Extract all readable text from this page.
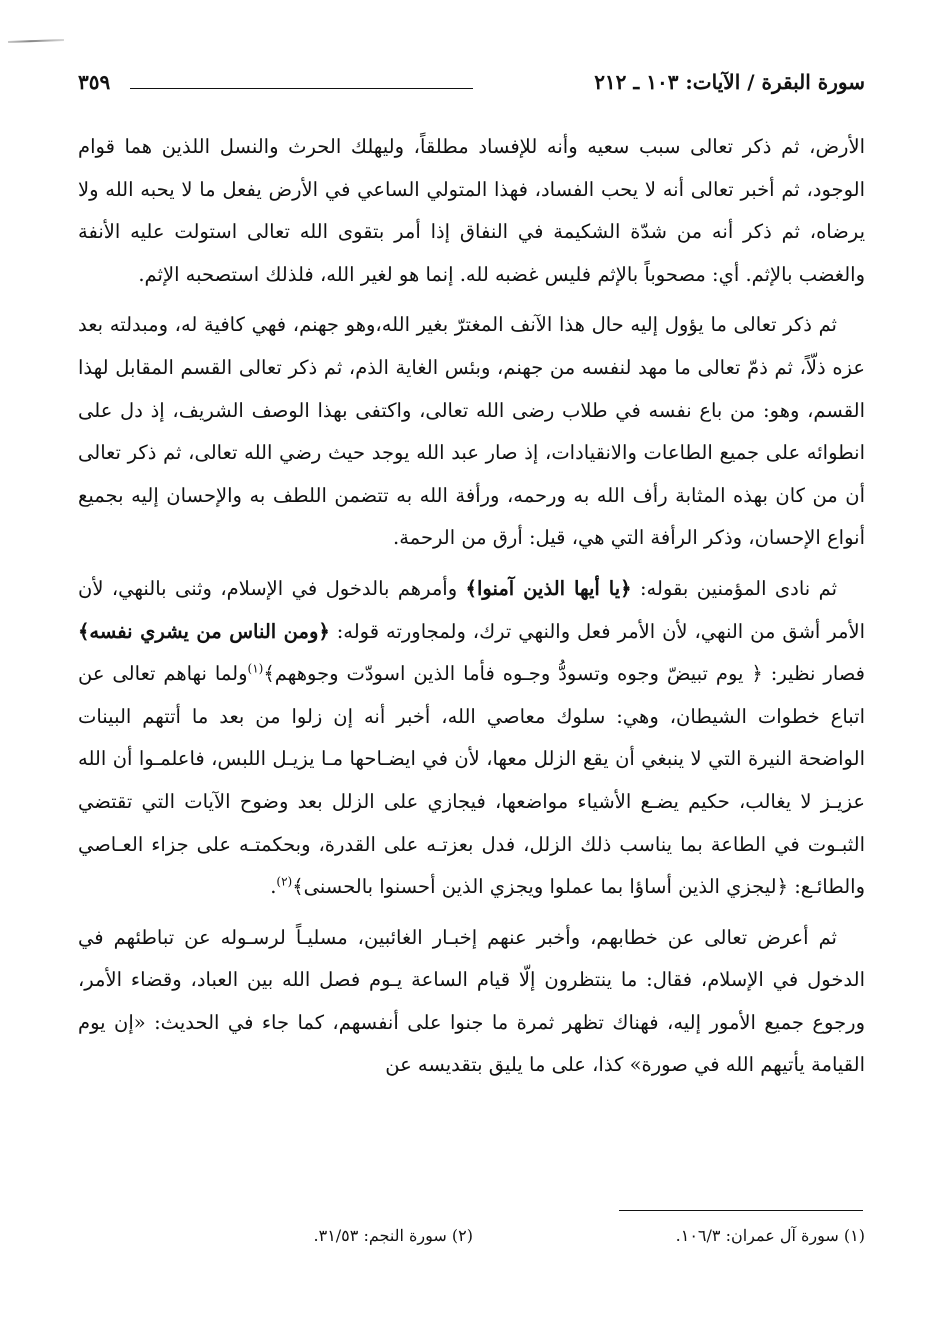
سورة البقرة / الآيات: ١٠٣ ـ ٢١٢
٣٥٩

الأرض، ثم ذكر تعالى سبب سعيه وأنه للإفساد مطلقاً، وليهلك الحرث والنسل اللذين هما قوام الوجود، ثم أخبر تعالى أنه لا يحب الفساد، فهذا المتولي الساعي في الأرض يفعل ما لا يحبه الله ولا يرضاه، ثم ذكر أنه من شدّة الشكيمة في النفاق إذا أمر بتقوى الله تعالى استولت عليه الأنفة والغضب بالإثم. أي: مصحوباً بالإثم فليس غضبه لله. إنما هو لغير الله، فلذلك استصحبه الإثم.

ثم ذكر تعالى ما يؤول إليه حال هذا الآنف المغترّ بغير الله،وهو جهنم، فهي كافية له، ومبدلته بعد عزه ذلّاً، ثم ذمّ تعالى ما مهد لنفسه من جهنم، وبئس الغاية الذم، ثم ذكر تعالى القسم المقابل لهذا القسم، وهو: من باع نفسه في طلاب رضى الله تعالى، واكتفى بهذا الوصف الشريف، إذ دل على انطوائه على جميع الطاعات والانقيادات، إذ صار عبد الله يوجد حيث رضي الله تعالى، ثم ذكر تعالى أن من كان بهذه المثابة رأف الله به ورحمه، ورأفة الله به تتضمن اللطف به والإحسان إليه بجميع أنواع الإحسان، وذكر الرأفة التي هي، قيل: أرق من الرحمة.

ثم نادى المؤمنين بقوله: ﴿يا أيها الذين آمنوا﴾ وأمرهم بالدخول في الإسلام، وثنى بالنهي، لأن الأمر أشق من النهي، لأن الأمر فعل والنهي ترك، ولمجاورته قوله: ﴿ومن الناس من يشري نفسه﴾ فصار نظير: ﴿ يوم تبيضّ وجوه وتسودُّ وجـوه فأما الذين اسودّت وجوههم﴾$^{(١)}$ولما نهاهم تعالى عن اتباع خطوات الشيطان، وهي: سلوك معاصي الله، أخبر أنه إن زلوا من بعد ما أتتهم البينات الواضحة النيرة التي لا ينبغي أن يقع الزلل معها، لأن في ايضـاحها مـا يزيـل اللبس، فاعلمـوا أن الله عزيـز لا يغالب، حكيم يضـع الأشياء مواضعها، فيجازي على الزلل بعد وضوح الآيات التي تقتضي الثبـوت في الطاعة بما يناسب ذلك الزلل، فدل بعزتـه على القدرة، وبحكمتـه على جزاء العـاصي والطائـع: ﴿ليجزي الذين أساؤا بما عملوا ويجزي الذين أحسنوا بالحسنى﴾$^{(٢)}$.

ثم أعرض تعالى عن خطابهم، وأخبر عنهم إخبـار الغائبين، مسليـاً لرسـوله عن تباطئهم في الدخول في الإسلام، فقال: ما ينتظرون إلّا قيام الساعة يـوم فصل الله بين العباد، وقضاء الأمر، ورجوع جميع الأمور إليه، فهناك تظهر ثمرة ما جنوا على أنفسهم، كما جاء في الحديث: «إن يوم القيامة يأتيهم الله في صورة» كذا، على ما يليق بتقديسه عن

(١) سورة آل عمران: ١٠٦/٣.
(٢) سورة النجم: ٣١/٥٣.
